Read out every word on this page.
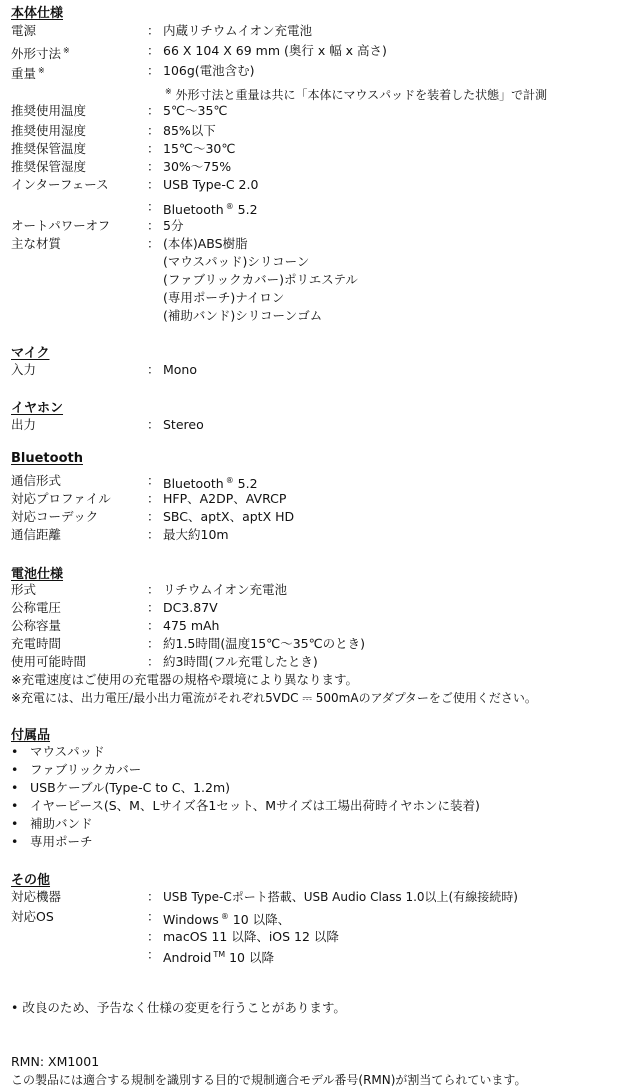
本体仕様
電源	： 内蔵リチウムイオン充電池
外形寸法 ※	： 66 X 104 X 69 mm (奥行 x 幅 x 高さ)
重量 ※	： 106g(電池含む)
※ 外形寸法と重量は共に「本体にマウスパッドを装着した状態」で計測
推奨使用温度	： 5℃～35℃
推奨使用湿度	： 85%以下
推奨保管温度	： 15℃～30℃
推奨保管湿度	： 30%～75%
インターフェース	： USB Type-C 2.0
： Bluetooth ® 5.2
オートパワーオフ	： 5分
主な材質	： (本体)ABS樹脂
(マウスパッド)シリコーン
(ファブリックカバー)ポリエステル
(専用ポーチ)ナイロン
(補助バンド)シリコーンゴム
マイク
入力	： Mono
イヤホン
出力	： Stereo
Bluetooth
通信形式	： Bluetooth ® 5.2
対応プロファイル	： HFP、A2DP、AVRCP
対応コーデック	： SBC、aptX、aptX HD
通信距離	： 最大約10m
電池仕様
形式	： リチウムイオン充電池
公称電圧	： DC3.87V
公称容量	： 475 mAh
充電時間	： 約1.5時間(温度15℃～35℃のとき)
使用可能時間	： 約3時間(フル充電したとき)
※充電速度はご使用の充電器の規格や環境により異なります。
※充電には、出力電圧/最小出力電流がそれぞれ5VDC ⎓ 500mAのアダプターをご使用ください。
付属品
• マウスパッド
• ファブリックカバー
• USBケーブル(Type-C to C、1.2m)
• イヤーピース(S、M、Lサイズ各1セット、Mサイズは工場出荷時イヤホンに装着)
• 補助バンド
• 専用ポーチ
その他
対応機器	： USB Type-Cポート搭載、USB Audio Class 1.0以上(有線接続時)
対応OS	： Windows ® 10 以降、
： macOS 11 以降、iOS 12 以降
： Android ™ 10 以降
• 改良のため、予告なく仕様の変更を行うことがあります。
RMN: XM1001
この製品には適合する規制を識別する目的で規制適合モデル番号(RMN)が割当てられています。
